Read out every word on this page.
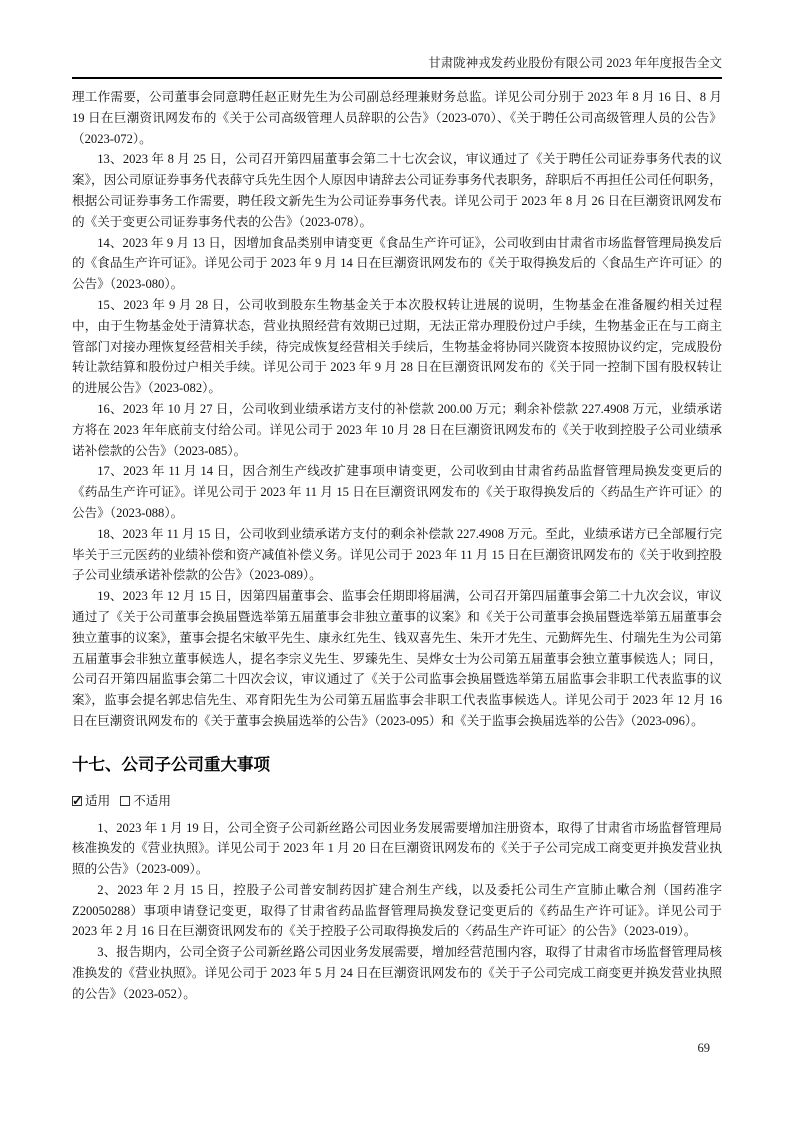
甘肃陇神戎发药业股份有限公司 2023 年年度报告全文

理工作需要，公司董事会同意聘任赵正财先生为公司副总经理兼财务总监。详见公司分别于 2023 年 8 月 16 日、8 月 19 日在巨潮资讯网发布的《关于公司高级管理人员辞职的公告》（2023-070）、《关于聘任公司高级管理人员的公告》（2023-072）。

13、2023 年 8 月 25 日，公司召开第四届董事会第二十七次会议，审议通过了《关于聘任公司证券事务代表的议案》，因公司原证券事务代表薛守兵先生因个人原因申请辞去公司证券事务代表职务，辞职后不再担任公司任何职务，根据公司证券事务工作需要，聘任段文新先生为公司证券事务代表。详见公司于 2023 年 8 月 26 日在巨潮资讯网发布的《关于变更公司证券事务代表的公告》（2023-078）。

14、2023 年 9 月 13 日，因增加食品类别申请变更《食品生产许可证》，公司收到由甘肃省市场监督管理局换发后的《食品生产许可证》。详见公司于 2023 年 9 月 14 日在巨潮资讯网发布的《关于取得换发后的〈食品生产许可证〉的公告》（2023-080）。

15、2023 年 9 月 28 日，公司收到股东生物基金关于本次股权转让进展的说明，生物基金在准备履约相关过程中，由于生物基金处于清算状态，营业执照经营有效期已过期，无法正常办理股份过户手续，生物基金正在与工商主管部门对接办理恢复经营相关手续，待完成恢复经营相关手续后，生物基金将协同兴陇资本按照协议约定，完成股份转让款结算和股份过户相关手续。详见公司于 2023 年 9 月 28 日在巨潮资讯网发布的《关于同一控制下国有股权转让的进展公告》（2023-082）。

16、2023 年 10 月 27 日，公司收到业绩承诺方支付的补偿款 200.00 万元；剩余补偿款 227.4908 万元，业绩承诺方将在 2023 年年底前支付给公司。详见公司于 2023 年 10 月 28 日在巨潮资讯网发布的《关于收到控股子公司业绩承诺补偿款的公告》（2023-085）。

17、2023 年 11 月 14 日，因合剂生产线改扩建事项申请变更，公司收到由甘肃省药品监督管理局换发变更后的《药品生产许可证》。详见公司于 2023 年 11 月 15 日在巨潮资讯网发布的《关于取得换发后的〈药品生产许可证〉的公告》（2023-088）。

18、2023 年 11 月 15 日，公司收到业绩承诺方支付的剩余补偿款 227.4908 万元。至此，业绩承诺方已全部履行完毕关于三元医药的业绩补偿和资产减值补偿义务。详见公司于 2023 年 11 月 15 日在巨潮资讯网发布的《关于收到控股子公司业绩承诺补偿款的公告》（2023-089）。

19、2023 年 12 月 15 日，因第四届董事会、监事会任期即将届满，公司召开第四届董事会第二十九次会议，审议通过了《关于公司董事会换届暨选举第五届董事会非独立董事的议案》和《关于公司董事会换届暨选举第五届董事会独立董事的议案》，董事会提名宋敏平先生、康永红先生、钱双喜先生、朱开才先生、元勤辉先生、付瑞先生为公司第五届董事会非独立董事候选人，提名李宗义先生、罗臻先生、吴烨女士为公司第五届董事会独立董事候选人；同日，公司召开第四届监事会第二十四次会议，审议通过了《关于公司监事会换届暨选举第五届监事会非职工代表监事的议案》，监事会提名郭忠信先生、邓育阳先生为公司第五届监事会非职工代表监事候选人。详见公司于 2023 年 12 月 16 日在巨潮资讯网发布的《关于董事会换届选举的公告》（2023-095）和《关于监事会换届选举的公告》（2023-096）。

十七、公司子公司重大事项
✓适用 不适用

1、2023 年 1 月 19 日，公司全资子公司新丝路公司因业务发展需要增加注册资本，取得了甘肃省市场监督管理局核准换发的《营业执照》。详见公司于 2023 年 1 月 20 日在巨潮资讯网发布的《关于子公司完成工商变更并换发营业执照的公告》（2023-009）。

2、2023 年 2 月 15 日，控股子公司普安制药因扩建合剂生产线，以及委托公司生产宣肺止嗽合剂（国药准字Z20050288）事项申请登记变更，取得了甘肃省药品监督管理局换发登记变更后的《药品生产许可证》。详见公司于 2023 年 2 月 16 日在巨潮资讯网发布的《关于控股子公司取得换发后的〈药品生产许可证〉的公告》（2023-019）。

3、报告期内，公司全资子公司新丝路公司因业务发展需要，增加经营范围内容，取得了甘肃省市场监督管理局核准换发的《营业执照》。详见公司于 2023 年 5 月 24 日在巨潮资讯网发布的《关于子公司完成工商变更并换发营业执照的公告》（2023-052）。

69
